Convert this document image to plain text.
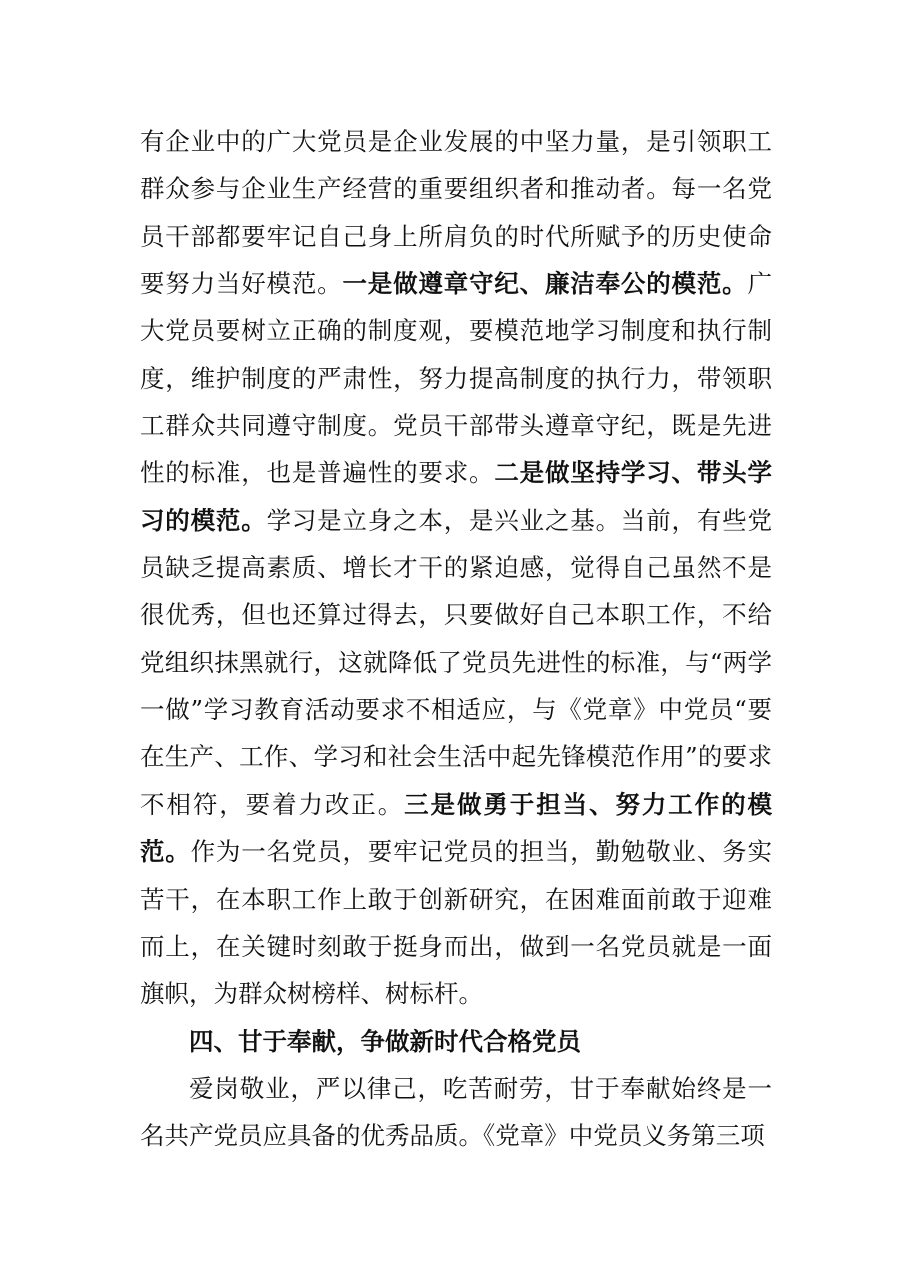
有企业中的广大党员是企业发展的中坚力量，是引领职工群众参与企业生产经营的重要组织者和推动者。每一名党员干部都要牢记自己身上所肩负的时代所赋予的历史使命要努力当好模范。一是做遵章守纪、廉洁奉公的模范。广大党员要树立正确的制度观，要模范地学习制度和执行制度，维护制度的严肃性，努力提高制度的执行力，带领职工群众共同遵守制度。党员干部带头遵章守纪，既是先进性的标准，也是普遍性的要求。二是做坚持学习、带头学习的模范。学习是立身之本，是兴业之基。当前，有些党员缺乏提高素质、增长才干的紧迫感，觉得自己虽然不是很优秀，但也还算过得去，只要做好自己本职工作，不给党组织抹黑就行，这就降低了党员先进性的标准，与“两学一做”学习教育活动要求不相适应，与《党章》中党员“要在生产、工作、学习和社会生活中起先锋模范作用”的要求不相符，要着力改正。三是做勇于担当、努力工作的模范。作为一名党员，要牢记党员的担当，勤勉敬业、务实苦干，在本职工作上敢于创新研究，在困难面前敢于迎难而上，在关键时刻敢于挺身而出，做到一名党员就是一面旗帜，为群众树榜样、树标杆。

四、甘于奉献，争做新时代合格党员

爱岗敬业，严以律己，吃苦耐劳，甘于奉献始终是一名共产党员应具备的优秀品质。《党章》中党员义务第三项
